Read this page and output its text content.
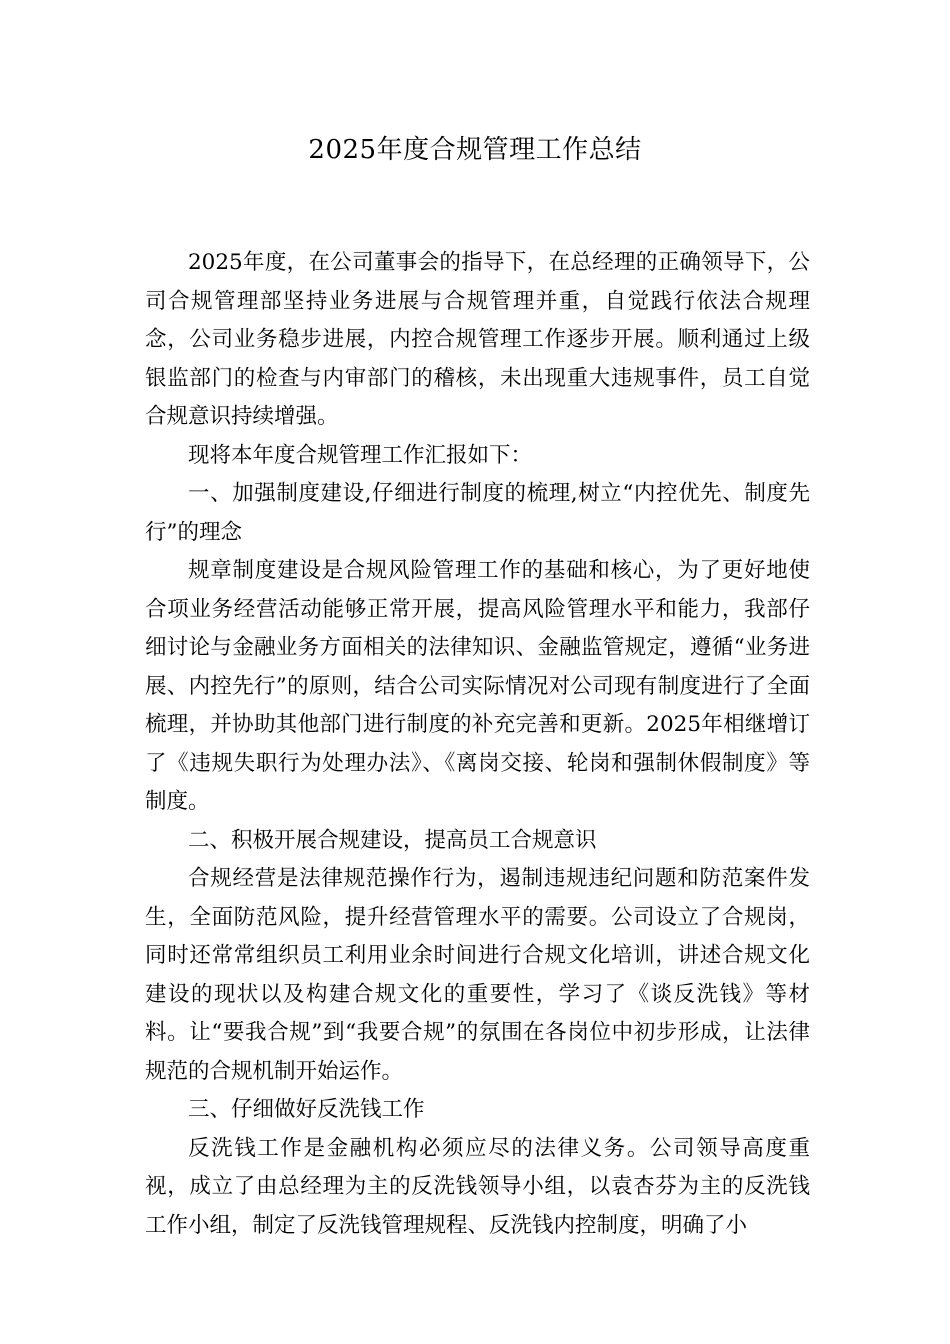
2025年度合规管理工作总结

2025年度，在公司董事会的指导下，在总经理的正确领导下，公司合规管理部坚持业务进展与合规管理并重，自觉践行依法合规理念，公司业务稳步进展，内控合规管理工作逐步开展。顺利通过上级银监部门的检查与内审部门的稽核，未出现重大违规事件，员工自觉合规意识持续增强。

现将本年度合规管理工作汇报如下：

一、加强制度建设,仔细进行制度的梳理,树立“内控优先、制度先行”的理念

规章制度建设是合规风险管理工作的基础和核心，为了更好地使合项业务经营活动能够正常开展，提高风险管理水平和能力，我部仔细讨论与金融业务方面相关的法律知识、金融监管规定，遵循“业务进展、内控先行”的原则，结合公司实际情况对公司现有制度进行了全面梳理，并协助其他部门进行制度的补充完善和更新。2025年相继增订了《违规失职行为处理办法》、《离岗交接、轮岗和强制休假制度》等制度。

二、积极开展合规建设，提高员工合规意识

合规经营是法律规范操作行为，遏制违规违纪问题和防范案件发生，全面防范风险，提升经营管理水平的需要。公司设立了合规岗，同时还常常组织员工利用业余时间进行合规文化培训，讲述合规文化建设的现状以及构建合规文化的重要性，学习了《谈反洗钱》等材料。让“要我合规”到“我要合规”的氛围在各岗位中初步形成，让法律规范的合规机制开始运作。

三、仔细做好反洗钱工作

反洗钱工作是金融机构必须应尽的法律义务。公司领导高度重视，成立了由总经理为主的反洗钱领导小组，以袁杏芬为主的反洗钱工作小组，制定了反洗钱管理规程、反洗钱内控制度，明确了小
